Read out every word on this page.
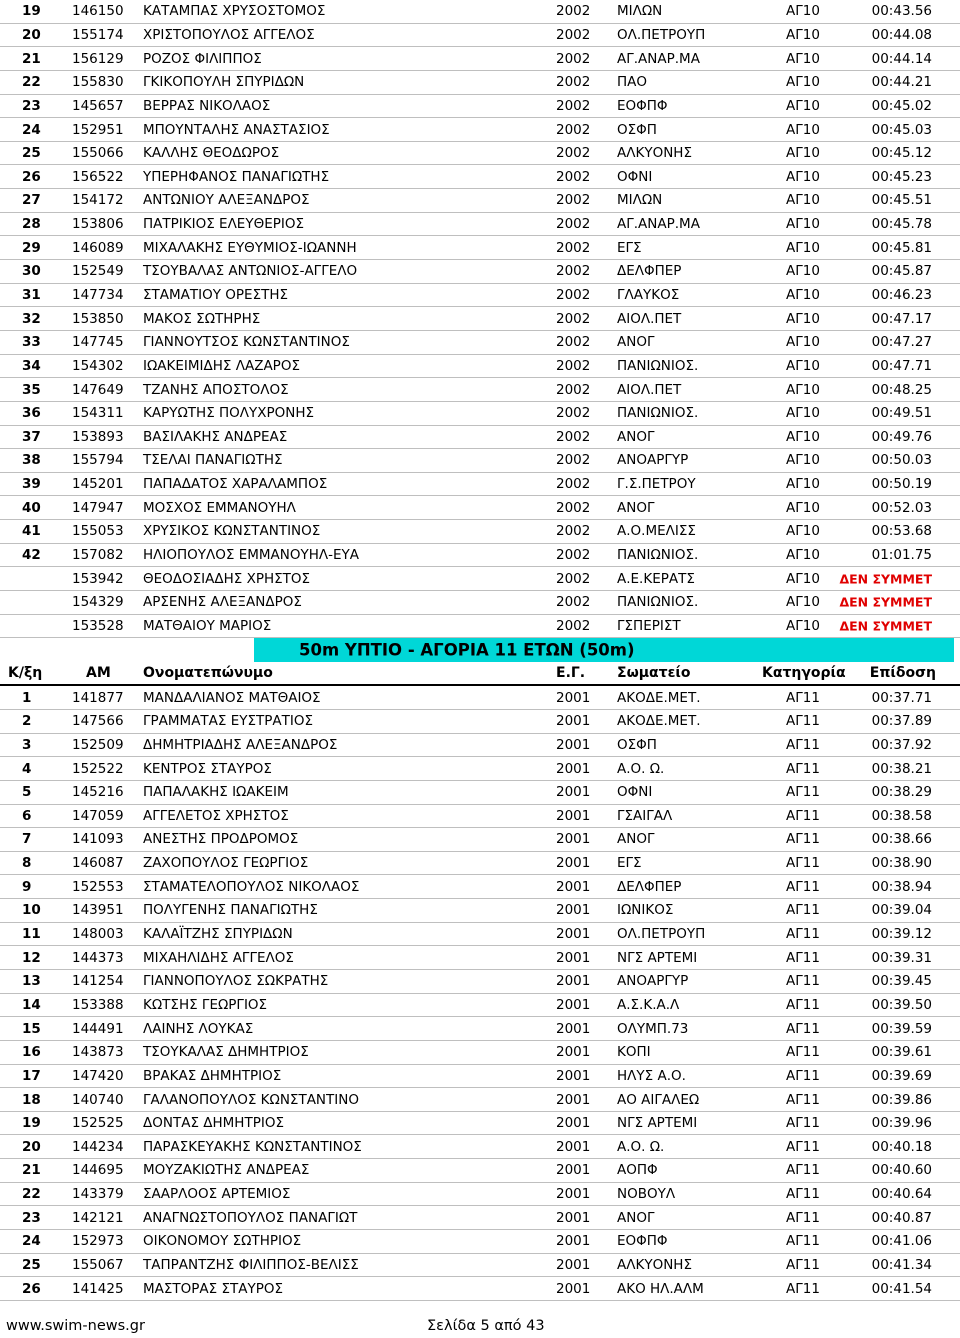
19 146150 ΚΑΤΑΜΠΑΣ ΧΡΥΣΟΣΤΟΜΟΣ	2002 ΜΙΛΩΝ	ΑΓ10	00:43.56
20 155174 ΧΡΙΣΤΟΠΟΥΛΟΣ ΑΓΓΕΛΟΣ	2002 ΟΛ.ΠΕΤΡΟΥΠ	ΑΓ10	00:44.08
21 156129 ΡΟΖΟΣ ΦΙΛΙΠΠΟΣ	2002 ΑΓ.ΑΝΑΡ.ΜΑ	ΑΓ10	00:44.14
22 155830 ΓΚΙΚΟΠΟΥΛΗ ΣΠΥΡΙΔΩΝ	2002 ΠΑΟ	ΑΓ10	00:44.21
23 145657 ΒΕΡΡΑΣ ΝΙΚΟΛΑΟΣ	2002 ΕΟΦΠΦ	ΑΓ10	00:45.02
24 152951 ΜΠΟΥΝΤΑΛΗΣ ΑΝΑΣΤΑΣΙΟΣ	2002 ΟΣΦΠ	ΑΓ10	00:45.03
25 155066 ΚΑΛΛΗΣ ΘΕΟΔΩΡΟΣ	2002 ΑΛΚΥΟΝΗΣ	ΑΓ10	00:45.12
26 156522 ΥΠΕΡΗΦΑΝΟΣ ΠΑΝΑΓΙΩΤΗΣ	2002 ΟΦΝΙ	ΑΓ10	00:45.23
27 154172 ΑΝΤΩΝΙΟΥ ΑΛΕΞΑΝΔΡΟΣ	2002 ΜΙΛΩΝ	ΑΓ10	00:45.51
28 153806 ΠΑΤΡΙΚΙΟΣ ΕΛΕΥΘΕΡΙΟΣ	2002 ΑΓ.ΑΝΑΡ.ΜΑ	ΑΓ10	00:45.78
29 146089 ΜΙΧΑΛΑΚΗΣ ΕΥΘΥΜΙΟΣ-ΙΩΑΝΝΗ	2002 ΕΓΣ	ΑΓ10	00:45.81
30 152549 ΤΣΟΥΒΑΛΑΣ ΑΝΤΩΝΙΟΣ-ΑΓΓΕΛΟ	2002 ΔΕΛΦΠΕΡ	ΑΓ10	00:45.87
31 147734 ΣΤΑΜΑΤΙΟΥ ΟΡΕΣΤΗΣ	2002 ΓΛΑΥΚΟΣ	ΑΓ10	00:46.23
32 153850 ΜΑΚΟΣ ΣΩΤΗΡΗΣ	2002 ΑΙΟΛ.ΠΕΤ	ΑΓ10	00:47.17
33 147745 ΓΙΑΝΝΟΥΤΣΟΣ ΚΩΝΣΤΑΝΤΙΝΟΣ	2002 ΑΝΟΓ	ΑΓ10	00:47.27
34 154302 ΙΩΑΚΕΙΜΙΔΗΣ ΛΑΖΑΡΟΣ	2002 ΠΑΝΙΩΝΙΟΣ.	ΑΓ10	00:47.71
35 147649 ΤΖΑΝΗΣ ΑΠΟΣΤΟΛΟΣ	2002 ΑΙΟΛ.ΠΕΤ	ΑΓ10	00:48.25
36 154311 ΚΑΡΥΩΤΗΣ ΠΟΛΥΧΡΟΝΗΣ	2002 ΠΑΝΙΩΝΙΟΣ.	ΑΓ10	00:49.51
37 153893 ΒΑΣΙΛΑΚΗΣ ΑΝΔΡΕΑΣ	2002 ΑΝΟΓ	ΑΓ10	00:49.76
38 155794 ΤΣΕΛΑΙ ΠΑΝΑΓΙΩΤΗΣ	2002 ΑΝΟΑΡΓΥΡ	ΑΓ10	00:50.03
39 145201 ΠΑΠΑΔΑΤΟΣ ΧΑΡΑΛΑΜΠΟΣ	2002 Γ.Σ.ΠΕΤΡΟΥ	ΑΓ10	00:50.19
40 147947 ΜΟΣΧΟΣ ΕΜΜΑΝΟΥΗΛ	2002 ΑΝΟΓ	ΑΓ10	00:52.03
41 155053 ΧΡΥΣΙΚΟΣ ΚΩΝΣΤΑΝΤΙΝΟΣ	2002 Α.Ο.ΜΕΛΙΣΣ	ΑΓ10	00:53.68
42 157082 ΗΛΙΟΠΟΥΛΟΣ ΕΜΜΑΝΟΥΗΛ-ΕΥΑ	2002 ΠΑΝΙΩΝΙΟΣ.	ΑΓ10	01:01.75
153942 ΘΕΟΔΟΣΙΑΔΗΣ ΧΡΗΣΤΟΣ	2002 Α.Ε.ΚΕΡΑΤΣ	ΑΓ10 ΔΕΝ ΣΥΜΜΕΤ
154329 ΑΡΣΕΝΗΣ ΑΛΕΞΑΝΔΡΟΣ	2002 ΠΑΝΙΩΝΙΟΣ.	ΑΓ10 ΔΕΝ ΣΥΜΜΕΤ
153528 ΜΑΤΘΑΙΟΥ ΜΑΡΙΟΣ	2002 ΓΣΠΕΡΙΣΤ	ΑΓ10 ΔΕΝ ΣΥΜΜΕΤ
50m ΥΠΤΙΟ - ΑΓΟΡΙΑ 11 ΕΤΩΝ (50m)
Κ/ξη	ΑΜ Ονοματεπώνυμο	Ε.Γ. Σωματείο	Κατηγορία Επίδοση
1	141877 ΜΑΝΔΑΛΙΑΝΟΣ ΜΑΤΘΑΙΟΣ	2001 ΑΚΟΔΕ.ΜΕΤ.	ΑΓ11	00:37.71
2	147566 ΓΡΑΜΜΑΤΑΣ ΕΥΣΤΡΑΤΙΟΣ	2001 ΑΚΟΔΕ.ΜΕΤ.	ΑΓ11	00:37.89
3	152509 ΔΗΜΗΤΡΙΑΔΗΣ ΑΛΕΞΑΝΔΡΟΣ	2001 ΟΣΦΠ	ΑΓ11	00:37.92
4	152522 ΚΕΝΤΡΟΣ ΣΤΑΥΡΟΣ	2001 Α.Ο. Ω.	ΑΓ11	00:38.21
5	145216 ΠΑΠΑΛΑΚΗΣ ΙΩΑΚΕΙΜ	2001 ΟΦΝΙ	ΑΓ11	00:38.29
6	147059 ΑΓΓΕΛΕΤΟΣ ΧΡΗΣΤΟΣ	2001 ΓΣΑΙΓΑΛ	ΑΓ11	00:38.58
7	141093 ΑΝΕΣΤΗΣ ΠΡΟΔΡΟΜΟΣ	2001 ΑΝΟΓ	ΑΓ11	00:38.66
8	146087 ΖΑΧΟΠΟΥΛΟΣ ΓΕΩΡΓΙΟΣ	2001 ΕΓΣ	ΑΓ11	00:38.90
9	152553 ΣΤΑΜΑΤΕΛΟΠΟΥΛΟΣ ΝΙΚΟΛΑΟΣ	2001 ΔΕΛΦΠΕΡ	ΑΓ11	00:38.94
10 143951 ΠΟΛΥΓΕΝΗΣ ΠΑΝΑΓΙΩΤΗΣ	2001 ΙΩΝΙΚΟΣ	ΑΓ11	00:39.04
11 148003 ΚΑΛΑΪΤΖΗΣ ΣΠΥΡΙΔΩΝ	2001 ΟΛ.ΠΕΤΡΟΥΠ	ΑΓ11	00:39.12
12 144373 ΜΙΧΑΗΛΙΔΗΣ ΑΓΓΕΛΟΣ	2001 ΝΓΣ ΑΡΤΕΜΙ	ΑΓ11	00:39.31
13 141254 ΓΙΑΝΝΟΠΟΥΛΟΣ ΣΩΚΡΑΤΗΣ	2001 ΑΝΟΑΡΓΥΡ	ΑΓ11	00:39.45
14 153388 ΚΩΤΣΗΣ ΓΕΩΡΓΙΟΣ	2001 Α.Σ.Κ.Α.Λ	ΑΓ11	00:39.50
15 144491 ΛΑΙΝΗΣ ΛΟΥΚΑΣ	2001 ΟΛΥΜΠ.73	ΑΓ11	00:39.59
16 143873 ΤΣΟΥΚΑΛΑΣ ΔΗΜΗΤΡΙΟΣ	2001 ΚΟΠΙ	ΑΓ11	00:39.61
17 147420 ΒΡΑΚΑΣ ΔΗΜΗΤΡΙΟΣ	2001 ΗΛΥΣ Α.Ο.	ΑΓ11	00:39.69
18 140740 ΓΑΛΑΝΟΠΟΥΛΟΣ ΚΩΝΣΤΑΝΤΙΝΟ	2001 ΑΟ ΑΙΓΑΛΕΩ	ΑΓ11	00:39.86
19 152525 ΔΟΝΤΑΣ ΔΗΜΗΤΡΙΟΣ	2001 ΝΓΣ ΑΡΤΕΜΙ	ΑΓ11	00:39.96
20 144234 ΠΑΡΑΣΚΕΥΑΚΗΣ ΚΩΝΣΤΑΝΤΙΝΟΣ	2001 Α.Ο. Ω.	ΑΓ11	00:40.18
21 144695 ΜΟΥΖΑΚΙΩΤΗΣ ΑΝΔΡΕΑΣ	2001 ΑΟΠΦ	ΑΓ11	00:40.60
22 143379 ΣΑΑΡΛΟΟΣ ΑΡΤΕΜΙΟΣ	2001 ΝΟΒΟΥΛ	ΑΓ11	00:40.64
23 142121 ΑΝΑΓΝΩΣΤΟΠΟΥΛΟΣ ΠΑΝΑΓΙΩΤ	2001 ΑΝΟΓ	ΑΓ11	00:40.87
24 152973 ΟΙΚΟΝΟΜΟΥ ΣΩΤΗΡΙΟΣ	2001 ΕΟΦΠΦ	ΑΓ11	00:41.06
25 155067 ΤΑΠΡΑΝΤΖΗΣ ΦΙΛΙΠΠΟΣ-ΒΕΛΙΣΣ	2001 ΑΛΚΥΟΝΗΣ	ΑΓ11	00:41.34
26 141425 ΜΑΣΤΟΡΑΣ ΣΤΑΥΡΟΣ	2001 ΑΚΟ ΗΛ.ΑΛΜ	ΑΓ11	00:41.54
www.swim-news.gr	Σελίδα 5 από 43
